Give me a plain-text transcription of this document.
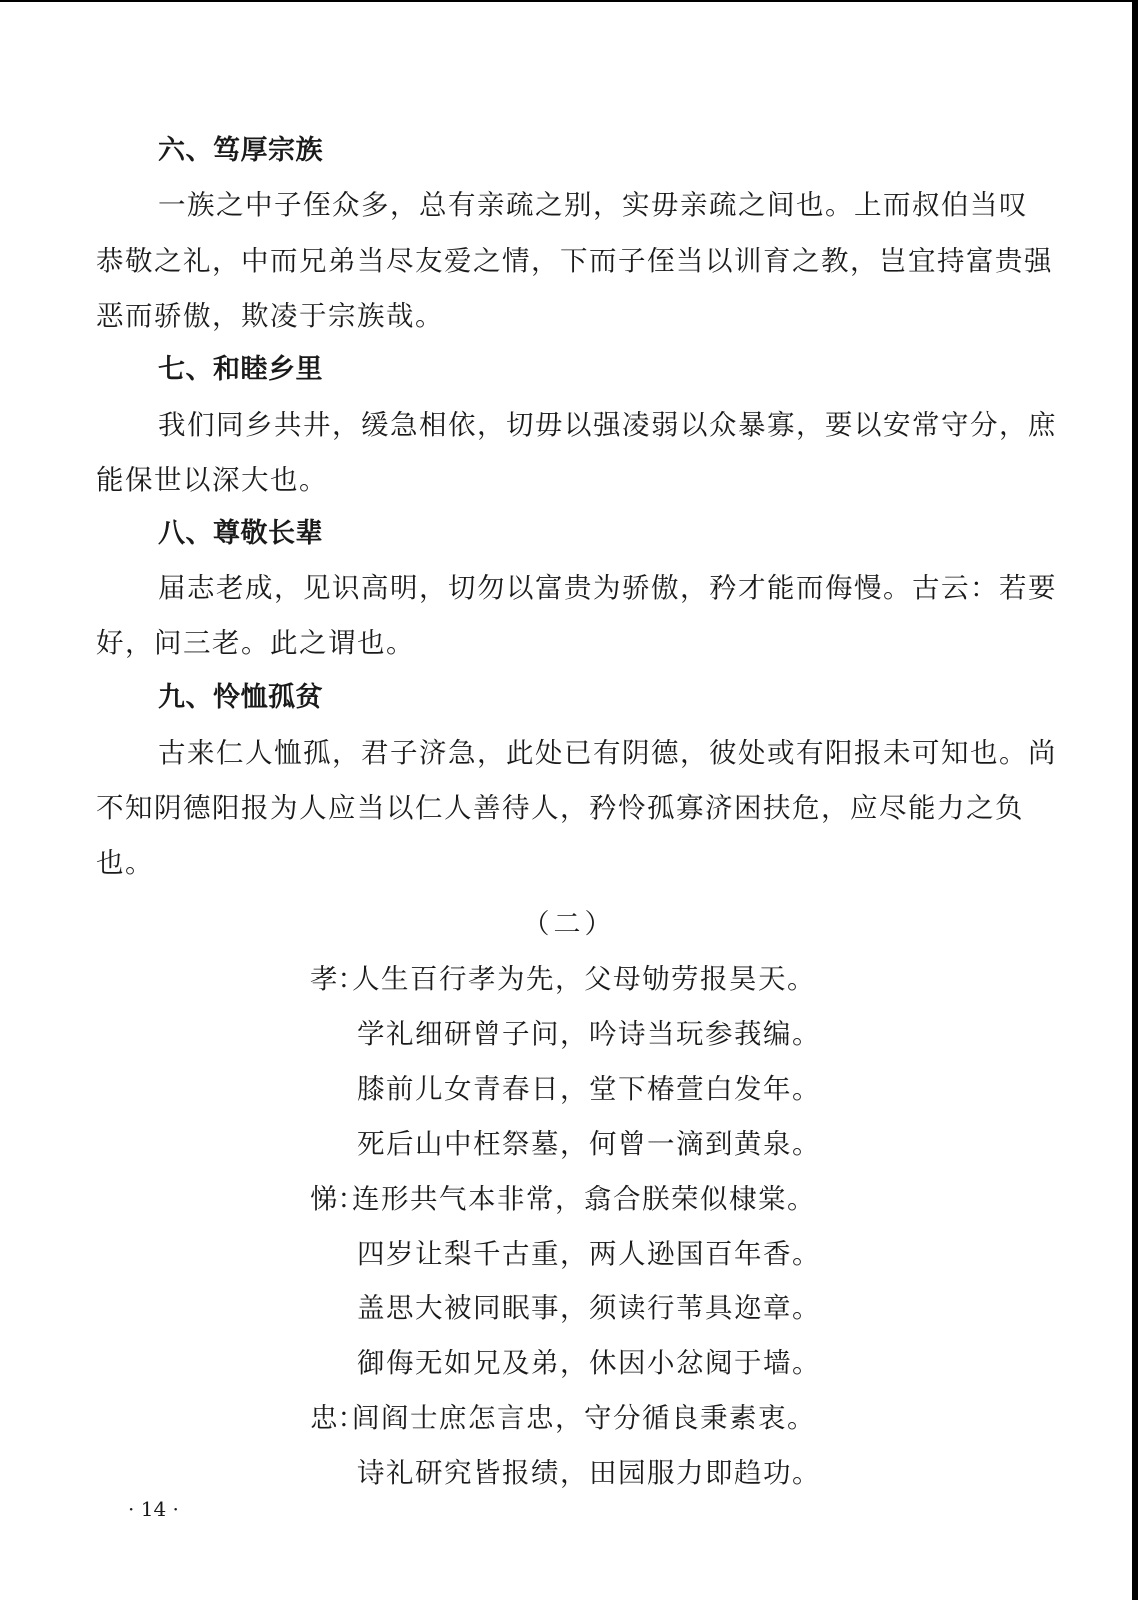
六、笃厚宗族
一族之中子侄众多，总有亲疏之别，实毋亲疏之间也。上而叔伯当叹
恭敬之礼，中而兄弟当尽友爱之情，下而子侄当以训育之教，岂宜持富贵强
恶而骄傲，欺凌于宗族哉。
七、和睦乡里
我们同乡共井，缓急相依，切毋以强凌弱以众暴寡，要以安常守分，庶
能保世以深大也。
八、尊敬长辈
届志老成，见识高明，切勿以富贵为骄傲，矜才能而侮慢。古云：若要
好，问三老。此之谓也。
九、怜恤孤贫
古来仁人恤孤，君子济急，此处已有阴德，彼处或有阳报未可知也。尚
不知阴德阳报为人应当以仁人善待人，矜怜孤寡济困扶危，应尽能力之负
也。
（二）
孝：
人生百行孝为先，父母劬劳报昊天。
学礼细研曾子问，吟诗当玩参莪编。
膝前儿女青春日，堂下椿萱白发年。
死后山中枉祭墓，何曾一滴到黄泉。
悌：
连形共气本非常，翕合朕荣似棣棠。
四岁让梨千古重，两人逊国百年香。
盖思大被同眠事，须读行苇具迩章。
御侮无如兄及弟，休因小忿阋于墙。
忠：
闾阎士庶怎言忠，守分循良秉素衷。
诗礼研究皆报绩，田园服力即趋功。
· 14 ·
